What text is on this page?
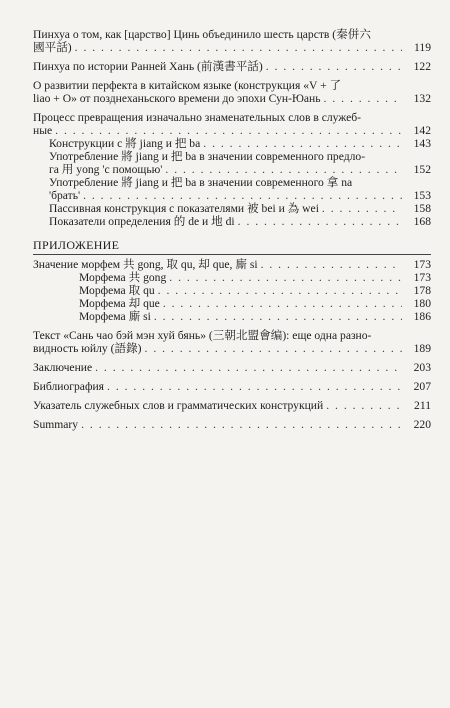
Пинхуа о том, как [царство] Цинь объединило шесть царств (秦併六
國平話) . . .	119
Пинхуа по истории Ранней Хань (前漢書平話) . . .	122
О развитии перфекта в китайском языке (конструкция «V + 了
liao + O» от позднеханьского времени до эпохи Сун-Юань . . .	132
Процесс превращения изначально знаменательных слов в служеб-
ные . . .	142
Конструкции с 將 jiang и 把 ba . . .	143
Употребление 將 jiang и 把 ba в значении современного предло-
га 用 yong 'с помощью' . . .	152
Употребление 將 jiang и 把 ba в значении современного 拿 na
'брать' . . .	153
Пассивная конструкция с показателями 被 bei и 為 wei . . .	158
Показатели определения 的 de и 地 di . . .	168
ПРИЛОЖЕНИЕ
Значение морфем 共 gong, 取 qu, 却 que, 廝 si . . .	173
Морфема 共 gong . . .	173
Морфема 取 qu . . .	178
Морфема 却 que . . .	180
Морфема 廝 si . . .	186
Текст «Сань чао бэй мэн хуй бянь» (三朝北盟會编): еще одна разно-
видность юйлу (語錄) . . .	189
Заключение . . .	203
Библиография . . .	207
Указатель служебных слов и грамматических конструкций . . .	211
Summary . . .	220
